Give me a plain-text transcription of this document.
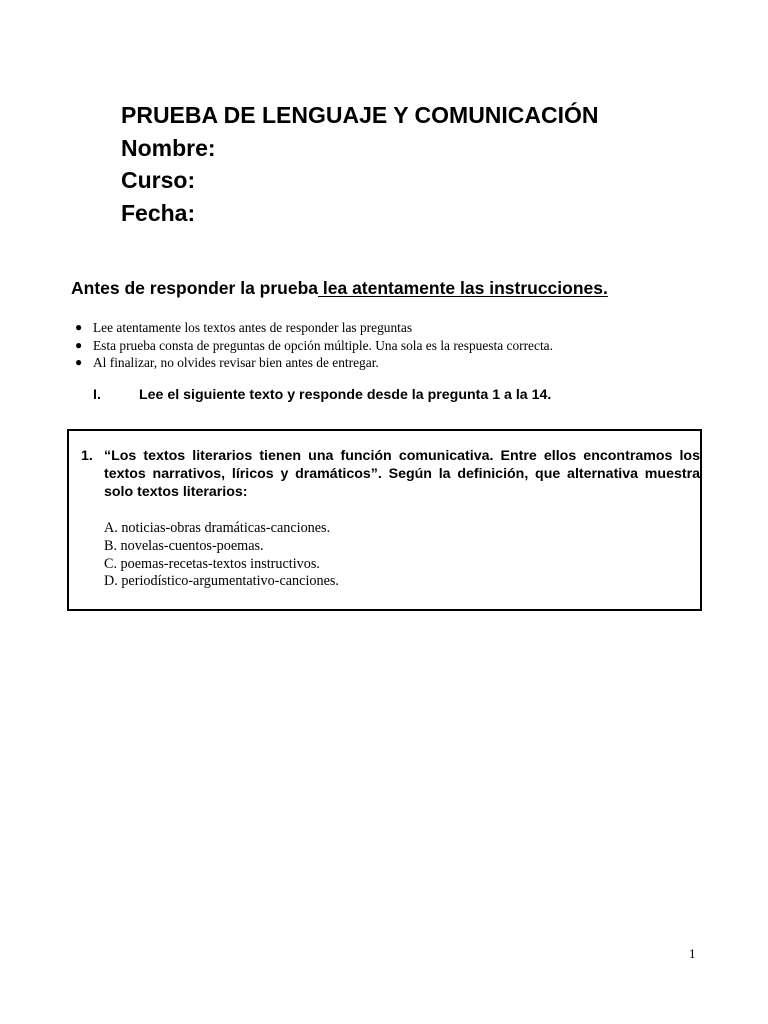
PRUEBA DE LENGUAJE Y COMUNICACIÓN
Nombre:
Curso:
Fecha:
Antes de responder la prueba lea atentamente las instrucciones.
● Lee atentamente los textos antes de responder las preguntas
● Esta prueba consta de preguntas de opción múltiple. Una sola es la respuesta correcta.
● Al finalizar, no olvides revisar bien antes de entregar.
I.	Lee el siguiente texto y responde desde la pregunta 1 a la 14.
1. “Los textos literarios tienen una función comunicativa. Entre ellos encontramos los textos narrativos, líricos y dramáticos”. Según la definición, que alternativa muestra solo textos literarios:
A. noticias-obras dramáticas-canciones.
B. novelas-cuentos-poemas.
C. poemas-recetas-textos instructivos.
D. periodístico-argumentativo-canciones.
1
